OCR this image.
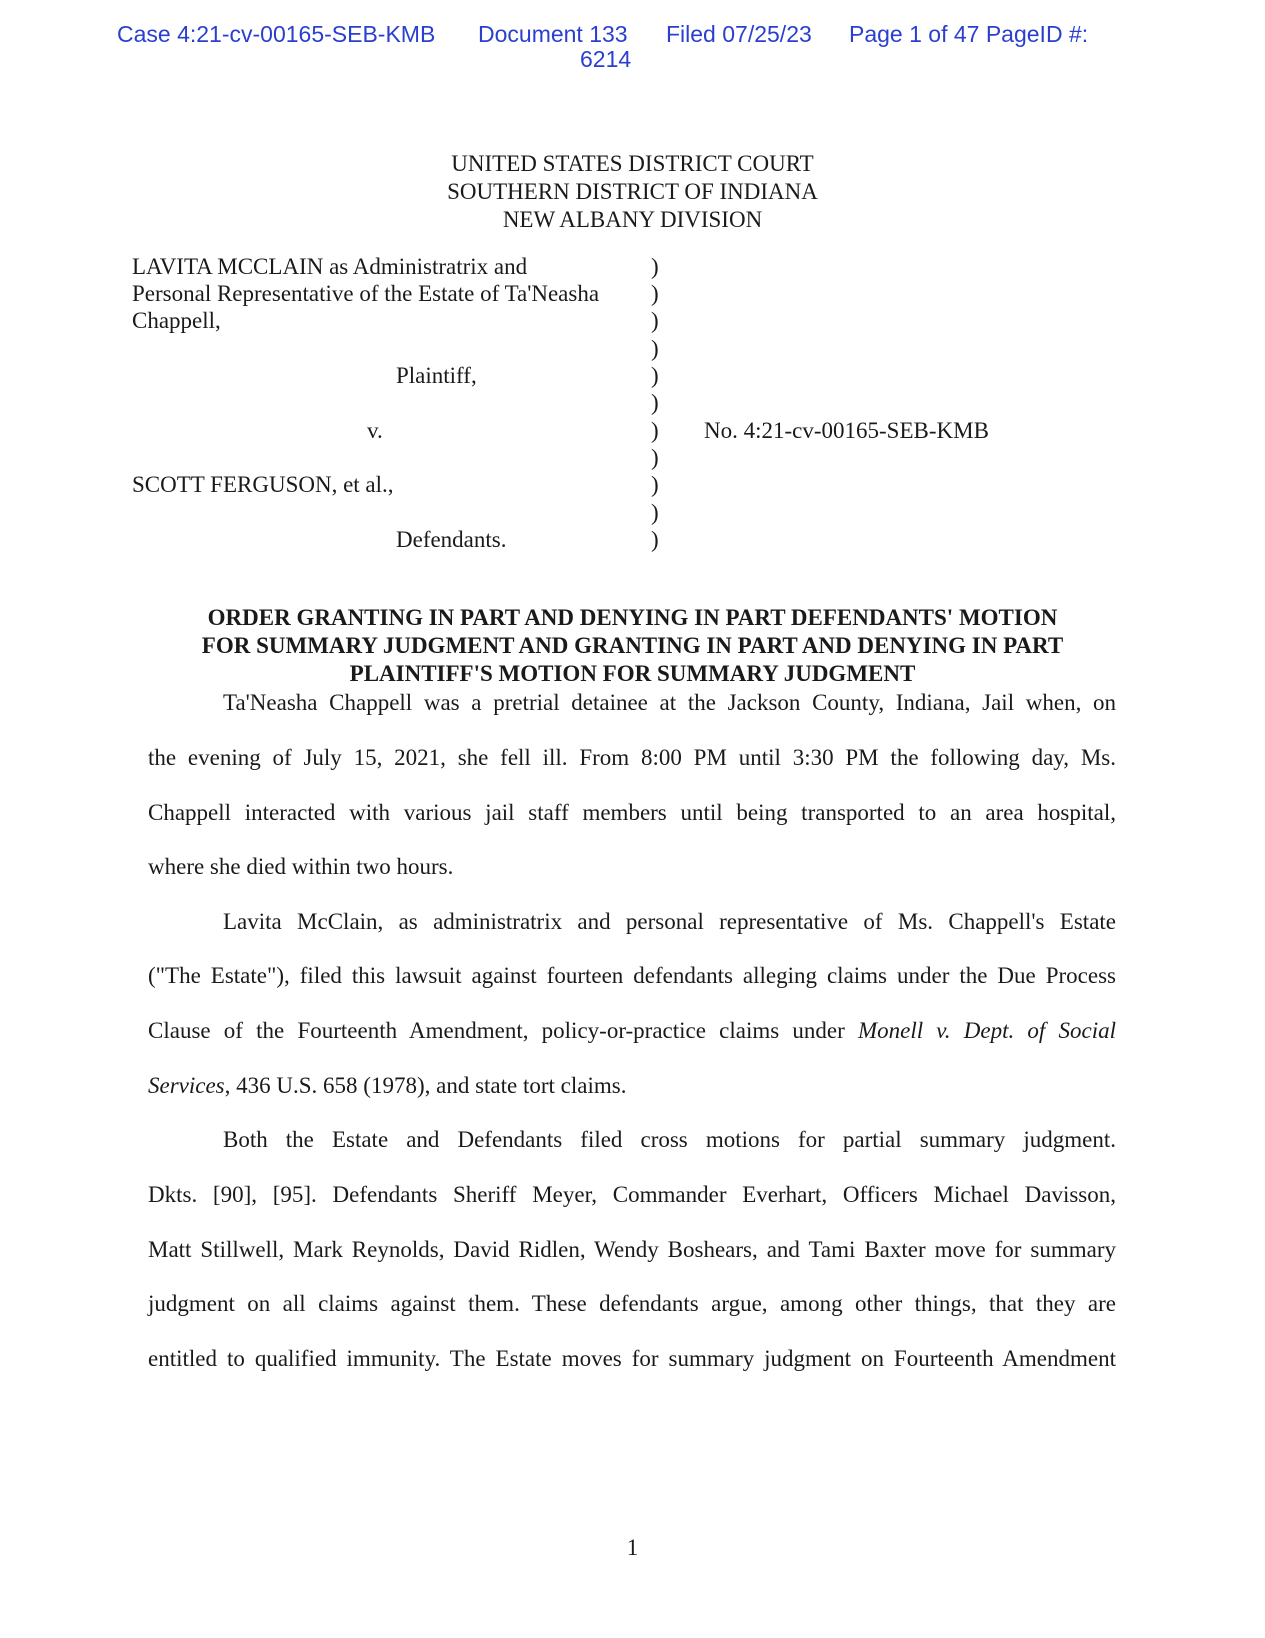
Case 4:21-cv-00165-SEB-KMB Document 133
6214
Filed 07/25/23 Page 1 of 47 PageID #:
UNITED STATES DISTRICT COURT
SOUTHERN DISTRICT OF INDIANA
NEW ALBANY DIVISION
LAVITA MCCLAIN as Administratrix and
Personal Representative of the Estate of Ta'Neasha
Chappell,
Plaintiff,
v.
SCOTT FERGUSON, et al.,
Defendants.
No. 4:21-cv-00165-SEB-KMB
)
)
)
)
)
)
)
)
)
)
)
ORDER GRANTING IN PART AND DENYING IN PART DEFENDANTS' MOTION
FOR SUMMARY JUDGMENT AND GRANTING IN PART AND DENYING IN PART
PLAINTIFF'S MOTION FOR SUMMARY JUDGMENT
Ta'Neasha Chappell was a pretrial detainee at the Jackson County, Indiana, Jail when, on
the evening of July 15, 2021, she fell ill. From 8:00 PM until 3:30 PM the following day, Ms.
Chappell interacted with various jail staff members until being transported to an area hospital,
where she died within two hours.
Lavita McClain, as administratrix and personal representative of Ms. Chappell's Estate
("The Estate"), filed this lawsuit against fourteen defendants alleging claims under the Due Process
Clause of the Fourteenth Amendment, policy-or-practice claims under Monell v. Dept. of Social
Services, 436 U.S. 658 (1978), and state tort claims.
Both the Estate and Defendants filed cross motions for partial summary judgment.
Dkts. [90], [95]. Defendants Sheriff Meyer, Commander Everhart, Officers Michael Davisson,
Matt Stillwell, Mark Reynolds, David Ridlen, Wendy Boshears, and Tami Baxter move for summary
judgment on all claims against them. These defendants argue, among other things, that they are
entitled to qualified immunity. The Estate moves for summary judgment on Fourteenth Amendment
1
